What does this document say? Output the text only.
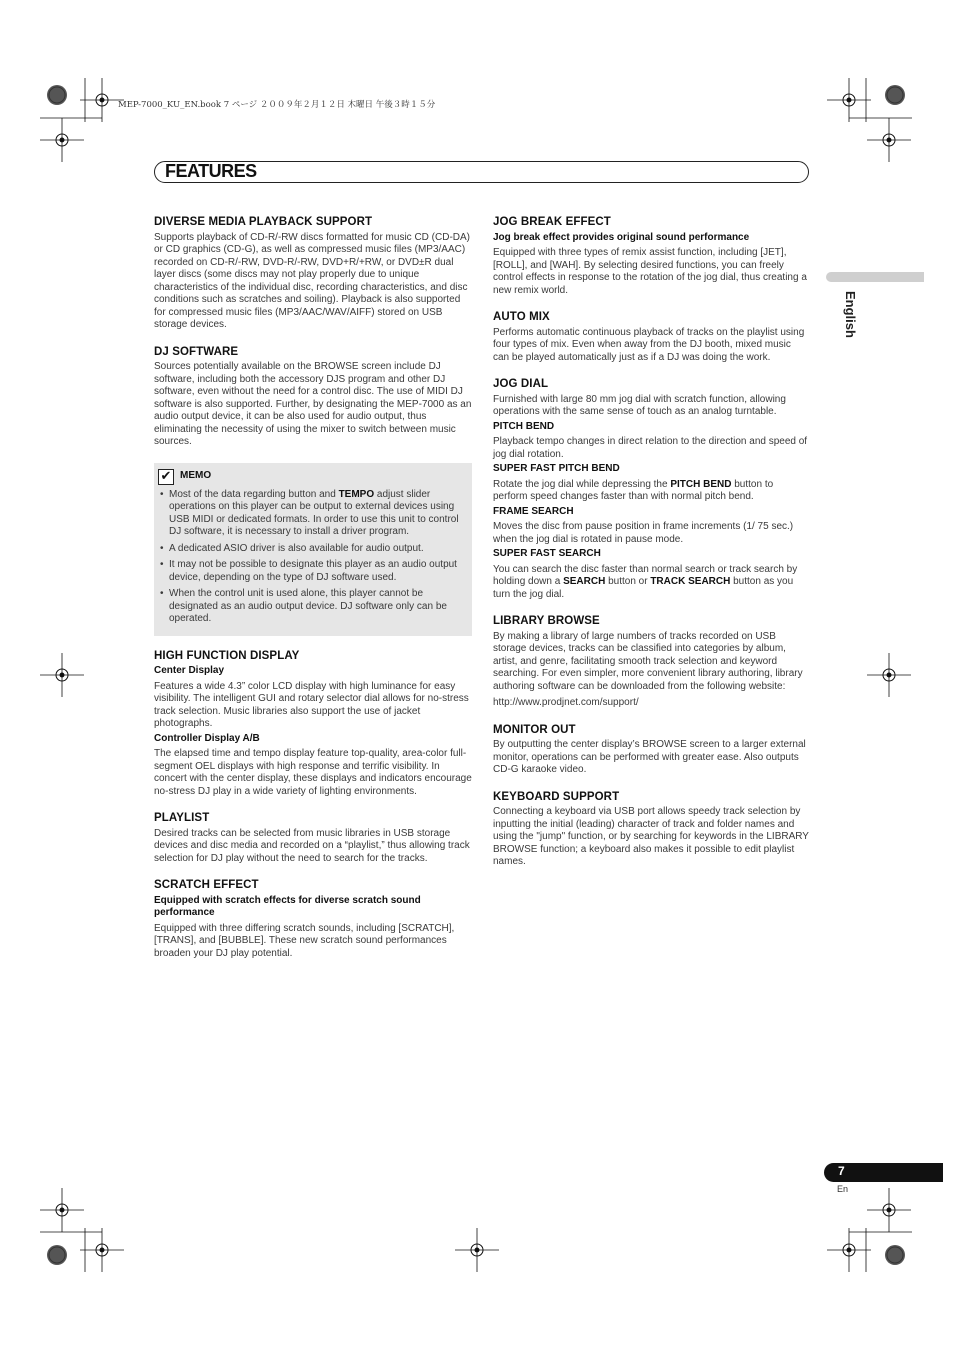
MEP-7000_KU_EN.book 7 ページ ２００９年２月１２日 木曜日 午後３時１５分
FEATURES
English
DIVERSE MEDIA PLAYBACK SUPPORT

Supports playback of CD-R/-RW discs formatted for music CD (CD-DA) or CD graphics (CD-G), as well as compressed music files (MP3/AAC) recorded on CD-R/-RW, DVD-R/-RW, DVD+R/+RW, or DVD±R dual layer discs (some discs may not play properly due to unique characteristics of the individual disc, recording characteristics, and disc conditions such as scratches and soiling). Playback is also supported for compressed music files (MP3/AAC/WAV/AIFF) stored on USB storage devices.

DJ SOFTWARE

Sources potentially available on the BROWSE screen include DJ software, including both the accessory DJS program and other DJ software, even without the need for a control disc. The use of MIDI DJ software is also supported. Further, by designating the MEP-7000 as an audio output device, it can be also used for audio output, thus eliminating the necessity of using the mixer to switch between music sources.

✔ MEMO
• Most of the data regarding button and TEMPO adjust slider operations on this player can be output to external devices using USB MIDI or dedicated formats. In order to use this unit to control DJ software, it is necessary to install a driver program.
• A dedicated ASIO driver is also available for audio output.
• It may not be possible to designate this player as an audio output device, depending on the type of DJ software used.
• When the control unit is used alone, this player cannot be designated as an audio output device. DJ software only can be operated.
HIGH FUNCTION DISPLAY
Center Display

Features a wide 4.3” color LCD display with high luminance for easy visibility. The intelligent GUI and rotary selector dial allows for no-stress track selection. Music libraries also support the use of jacket photographs.

Controller Display A/B

The elapsed time and tempo display feature top-quality, area-color full-segment OEL displays with high response and terrific visibility. In concert with the center display, these displays and indicators encourage no-stress DJ play in a wide variety of lighting environments.

PLAYLIST

Desired tracks can be selected from music libraries in USB storage devices and disc media and recorded on a “playlist,” thus allowing track selection for DJ play without the need to search for the tracks.

SCRATCH EFFECT
Equipped with scratch effects for diverse scratch sound performance

Equipped with three differing scratch sounds, including [SCRATCH], [TRANS], and [BUBBLE]. These new scratch sound performances broaden your DJ play potential.

JOG BREAK EFFECT
Jog break effect provides original sound performance

Equipped with three types of remix assist function, including [JET], [ROLL], and [WAH]. By selecting desired functions, you can freely control effects in response to the rotation of the jog dial, thus creating a new remix world.

AUTO MIX

Performs automatic continuous playback of tracks on the playlist using four types of mix. Even when away from the DJ booth, mixed music can be played automatically just as if a DJ was doing the work.

JOG DIAL

Furnished with large 80 mm jog dial with scratch function, allowing operations with the same sense of touch as an analog turntable.

PITCH BEND

Playback tempo changes in direct relation to the direction and speed of jog dial rotation.

SUPER FAST PITCH BEND

Rotate the jog dial while depressing the PITCH BEND button to perform speed changes faster than with normal pitch bend.

FRAME SEARCH

Moves the disc from pause position in frame increments (1/ 75 sec.) when the jog dial is rotated in pause mode.

SUPER FAST SEARCH

You can search the disc faster than normal search or track search by holding down a SEARCH button or TRACK SEARCH button as you turn the jog dial.

LIBRARY BROWSE

By making a library of large numbers of tracks recorded on USB storage devices, tracks can be classified into categories by album, artist, and genre, facilitating smooth track selection and keyword searching. For even simpler, more convenient library authoring, library authoring software can be downloaded from the following website:

http://www.prodjnet.com/support/

MONITOR OUT

By outputting the center display’s BROWSE screen to a larger external monitor, operations can be performed with greater ease. Also outputs CD-G karaoke video.

KEYBOARD SUPPORT

Connecting a keyboard via USB port allows speedy track selection by inputting the initial (leading) character of track and folder names and using the "jump" function, or by searching for keywords in the LIBRARY BROWSE function; a keyboard also makes it possible to edit playlist names.

7
En
